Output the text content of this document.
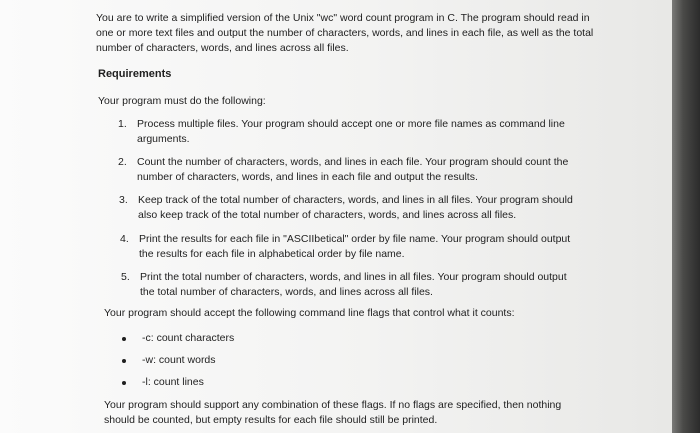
You are to write a simplified version of the Unix "wc" word count program in C. The program should read in one or more text files and output the number of characters, words, and lines in each file, as well as the total number of characters, words, and lines across all files.
Requirements
Your program must do the following:
1. Process multiple files. Your program should accept one or more file names as command line arguments.
2. Count the number of characters, words, and lines in each file. Your program should count the number of characters, words, and lines in each file and output the results.
3. Keep track of the total number of characters, words, and lines in all files. Your program should also keep track of the total number of characters, words, and lines across all files.
4. Print the results for each file in "ASCIIbetical" order by file name. Your program should output the results for each file in alphabetical order by file name.
5. Print the total number of characters, words, and lines in all files. Your program should output the total number of characters, words, and lines across all files.
Your program should accept the following command line flags that control what it counts:
-c: count characters
-w: count words
-l: count lines
Your program should support any combination of these flags. If no flags are specified, then nothing should be counted, but empty results for each file should still be printed.
